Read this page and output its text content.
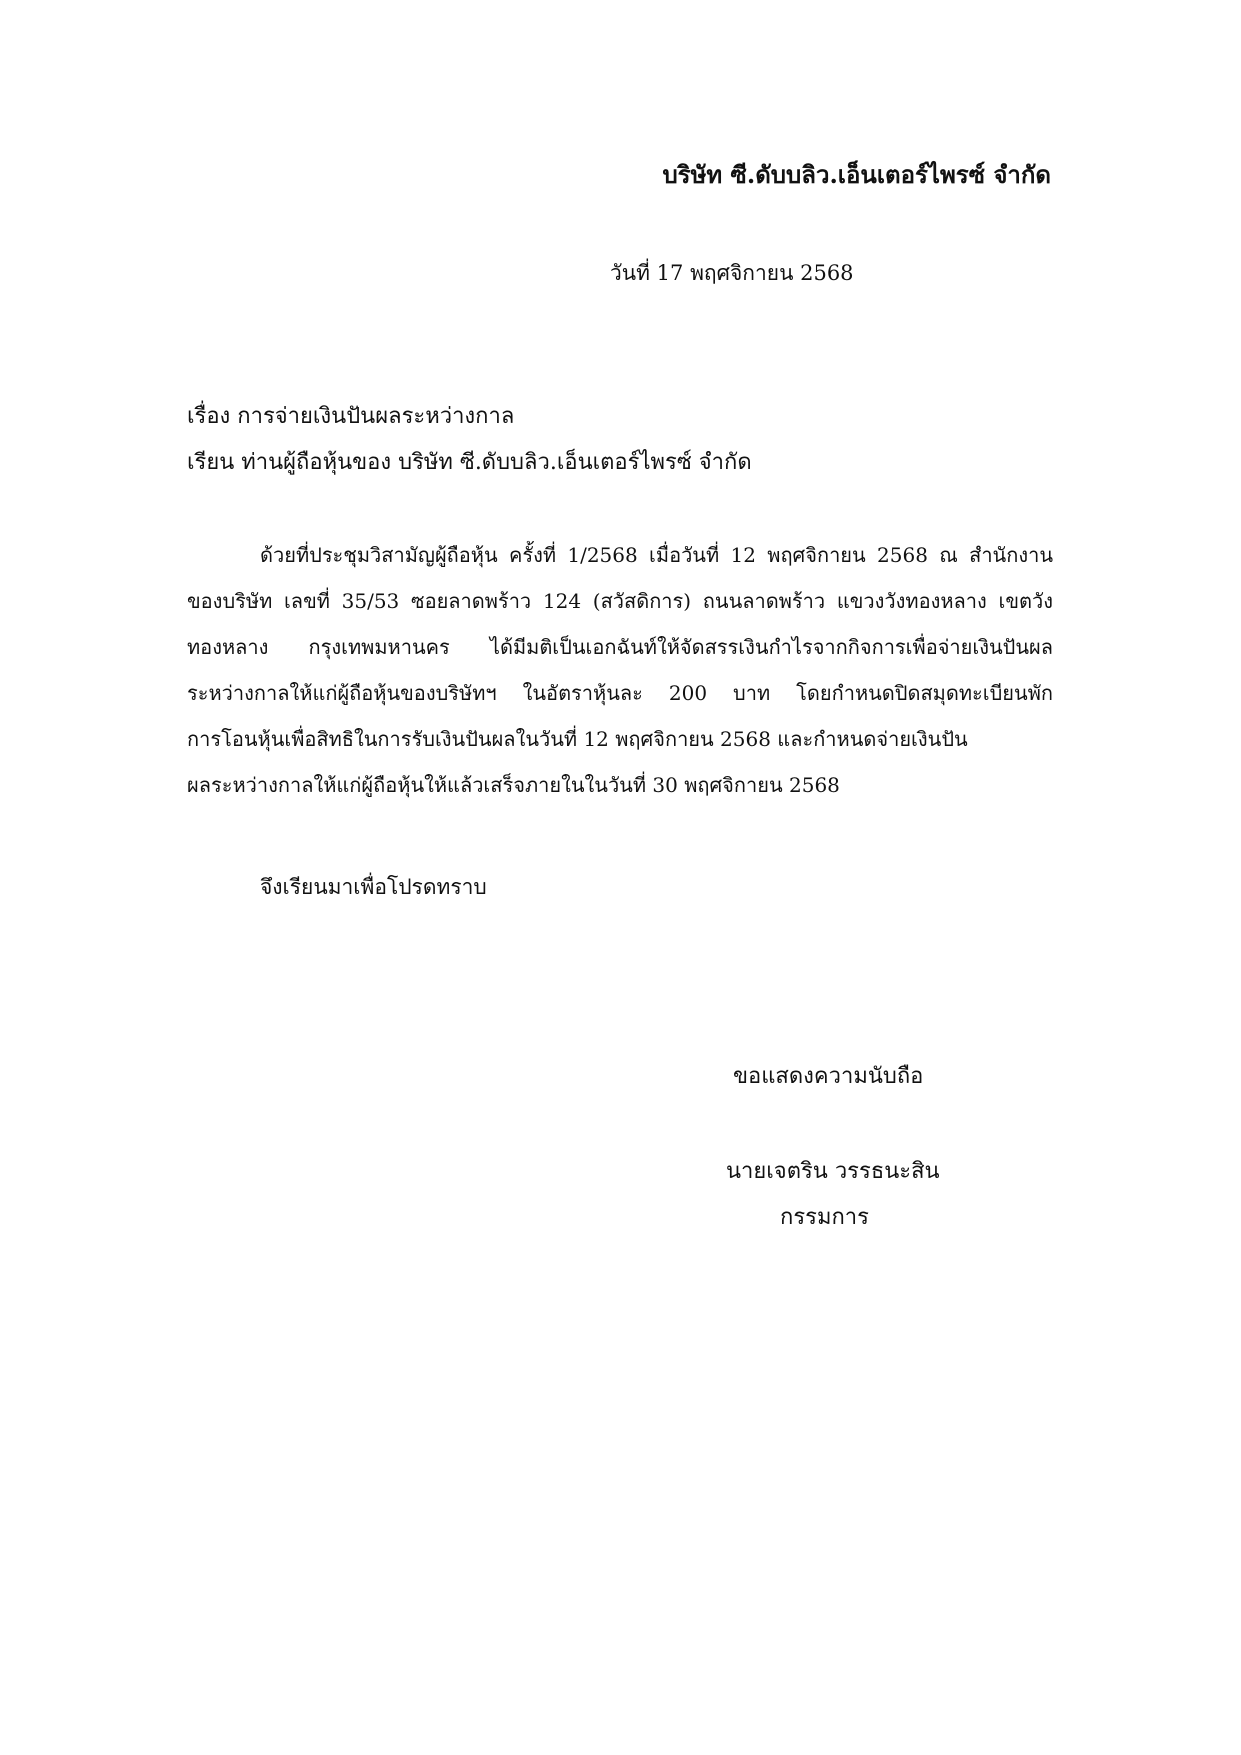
บริษัท ซี.ดับบลิว.เอ็นเตอร์ไพรซ์ จำกัด
วันที่ 17 พฤศจิกายน 2568
เรื่อง การจ่ายเงินปันผลระหว่างกาล
เรียน ท่านผู้ถือหุ้นของ บริษัท ซี.ดับบลิว.เอ็นเตอร์ไพรซ์ จำกัด
ด้วยที่ประชุมวิสามัญผู้ถือหุ้น ครั้งที่ 1/2568 เมื่อวันที่ 12 พฤศจิกายน 2568 ณ สำนักงาน
ของบริษัท เลขที่ 35/53 ซอยลาดพร้าว 124 (สวัสดิการ) ถนนลาดพร้าว แขวงวังทองหลาง เขตวัง
ทองหลาง กรุงเทพมหานคร ได้มีมติเป็นเอกฉันท์ให้จัดสรรเงินกำไรจากกิจการเพื่อจ่ายเงินปันผล
ระหว่างกาลให้แก่ผู้ถือหุ้นของบริษัทฯ ในอัตราหุ้นละ 200 บาท โดยกำหนดปิดสมุดทะเบียนพัก
การโอนหุ้นเพื่อสิทธิในการรับเงินปันผลในวันที่ 12 พฤศจิกายน 2568 และกำหนดจ่ายเงินปัน
ผลระหว่างกาลให้แก่ผู้ถือหุ้นให้แล้วเสร็จภายในในวันที่ 30 พฤศจิกายน 2568
จึงเรียนมาเพื่อโปรดทราบ
ขอแสดงความนับถือ
นายเจตริน วรรธนะสิน
กรรมการ
